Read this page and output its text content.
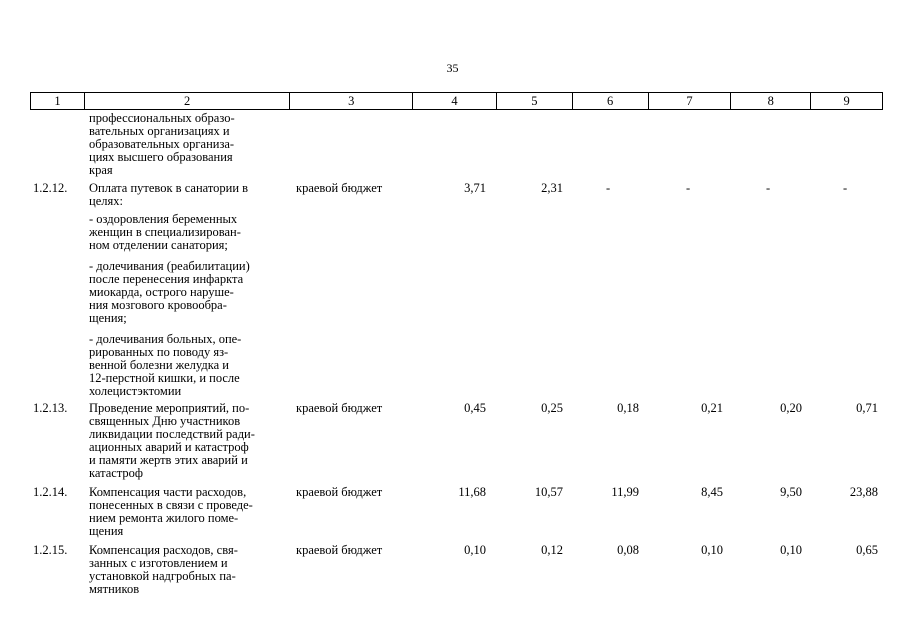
35
1	2	3	4	5	6	7	8	9
профессиональных образо-
вательных организациях и
образовательных организа-
циях высшего образования
края
1.2.12. Оплата путевок в санатории в
целях:
- оздоровления беременных
женщин в специализирован-
ном отделении санатория;
- долечивания (реабилитации)
после перенесения инфаркта
миокарда, острого наруше-
ния мозгового кровообра-
щения;
- долечивания больных, опе-
рированных по поводу яз-
венной болезни желудка и
12-перстной кишки, и после
холецистэктомии
краевой бюджет	3,71	2,31	-	-	-	-
1.2.13. Проведение мероприятий, по-
священных Дню участников
ликвидации последствий ради-
ационных аварий и катастроф
и памяти жертв этих аварий и
катастроф
краевой бюджет	0,45	0,25	0,18	0,21	0,20	0,71
1.2.14. Компенсация части расходов,
понесенных в связи с проведе-
нием ремонта жилого поме-
щения
краевой бюджет	11,68	10,57	11,99	8,45	9,50	23,88
1.2.15. Компенсация расходов, свя-
занных с изготовлением и
установкой надгробных па-
мятников
краевой бюджет	0,10	0,12	0,08	0,10	0,10	0,65
